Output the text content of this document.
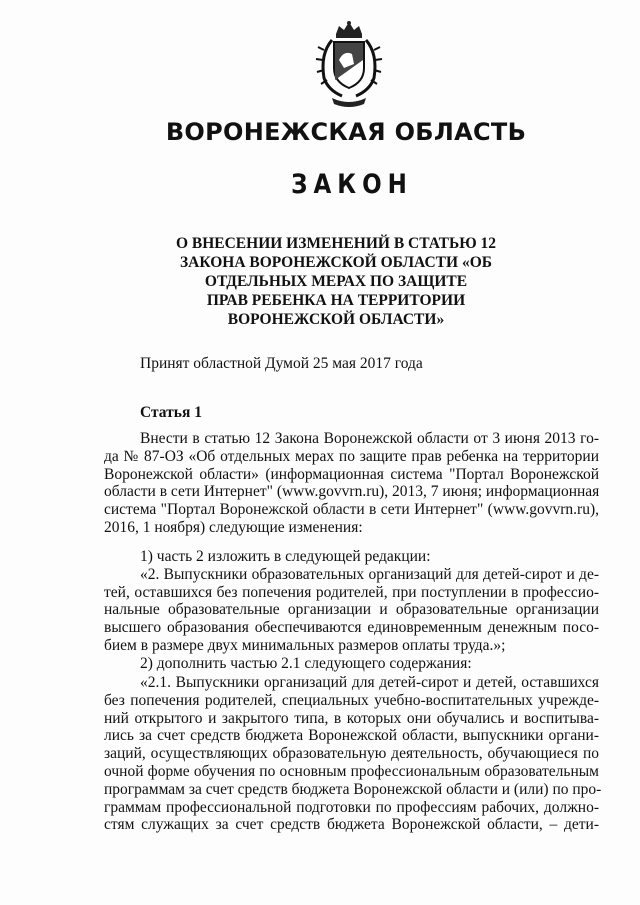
ВОРОНЕЖСКАЯ ОБЛАСТЬ
ЗАКОН
О ВНЕСЕНИИ ИЗМЕНЕНИЙ В СТАТЬЮ 12
ЗАКОНА ВОРОНЕЖСКОЙ ОБЛАСТИ «ОБ
ОТДЕЛЬНЫХ МЕРАХ ПО ЗАЩИТЕ
ПРАВ РЕБЕНКА НА ТЕРРИТОРИИ
ВОРОНЕЖСКОЙ ОБЛАСТИ»
Принят областной Думой 25 мая 2017 года
Статья 1
Внести в статью 12 Закона Воронежской области от 3 июня 2013 го-
да № 87-ОЗ «Об отдельных мерах по защите прав ребенка на территории
Воронежской области» (информационная система "Портал Воронежской
области в сети Интернет" (www.govvrn.ru), 2013, 7 июня; информационная
система "Портал Воронежской области в сети Интернет" (www.govvrn.ru),
2016, 1 ноября) следующие изменения:
1) часть 2 изложить в следующей редакции:
«2. Выпускники образовательных организаций для детей-сирот и де-
тей, оставшихся без попечения родителей, при поступлении в профессио-
нальные образовательные организации и образовательные организации
высшего образования обеспечиваются единовременным денежным посо-
бием в размере двух минимальных размеров оплаты труда.»;
2) дополнить частью 2.1 следующего содержания:
«2.1. Выпускники организаций для детей-сирот и детей, оставшихся
без попечения родителей, специальных учебно-воспитательных учрежде-
ний открытого и закрытого типа, в которых они обучались и воспитыва-
лись за счет средств бюджета Воронежской области, выпускники органи-
заций, осуществляющих образовательную деятельность, обучающиеся по
очной форме обучения по основным профессиональным образовательным
программам за счет средств бюджета Воронежской области и (или) по про-
граммам профессиональной подготовки по профессиям рабочих, должно-
стям служащих за счет средств бюджета Воронежской области, – дети-
